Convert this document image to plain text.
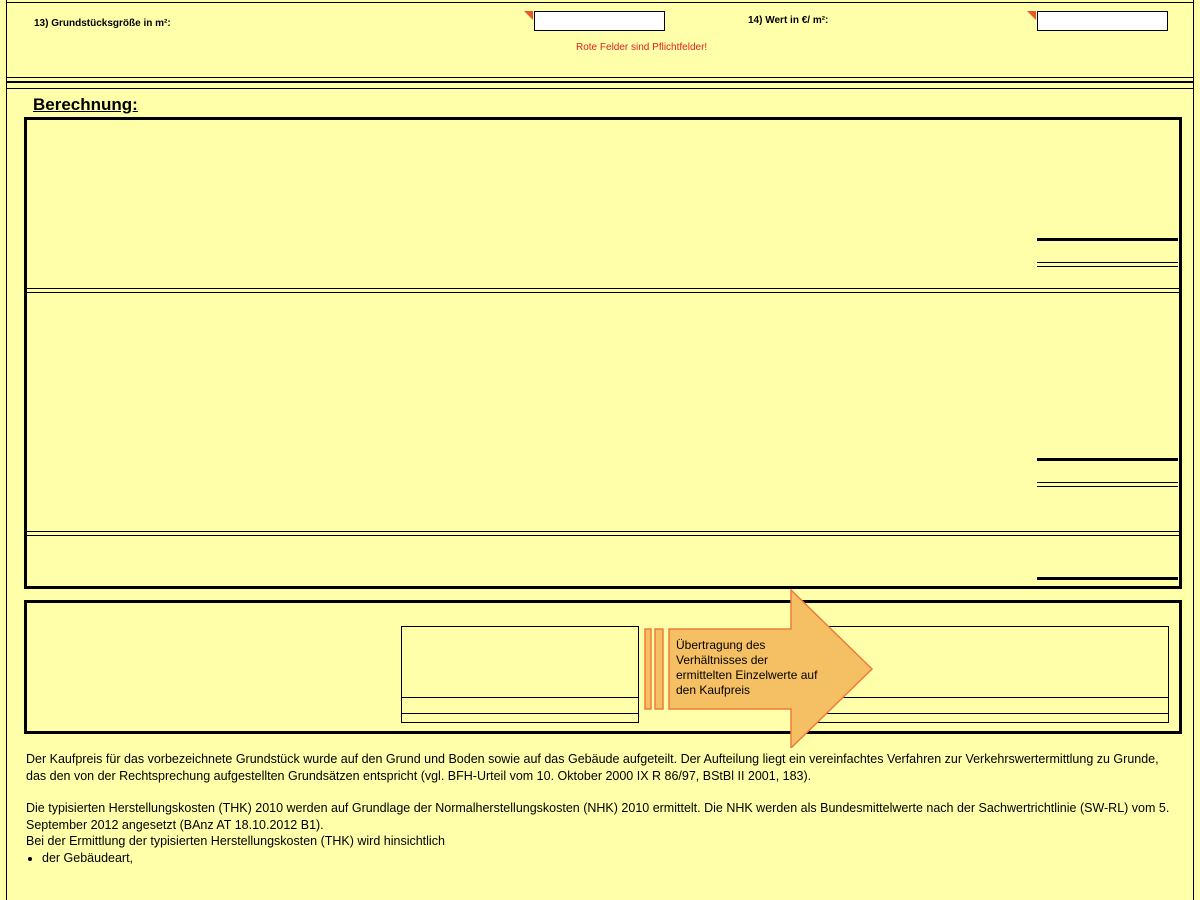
13) Grundstücksgröße in m²:	14) Wert in €/ m²:
Rote Felder sind Pflichtfelder!
Berechnung:
Übertragung des Verhältnisses der ermittelten Einzelwerte auf den Kaufpreis

Der Kaufpreis für das vorbezeichnete Grundstück wurde auf den Grund und Boden sowie auf das Gebäude aufgeteilt. Der Aufteilung liegt ein vereinfachtes Verfahren zur Verkehrswertermittlung zu Grunde, das den von der Rechtsprechung aufgestellten Grundsätzen entspricht (vgl. BFH-Urteil vom 10. Oktober 2000 IX R 86/97, BStBl II 2001, 183).

Die typisierten Herstellungskosten (THK) 2010 werden auf Grundlage der Normalherstellungskosten (NHK) 2010 ermittelt. Die NHK werden als Bundesmittelwerte nach der Sachwertrichtlinie (SW-RL) vom 5. September 2012 angesetzt (BAnz AT 18.10.2012 B1).
Bei der Ermittlung der typisierten Herstellungskosten (THK) wird hinsichtlich
• der Gebäudeart,
